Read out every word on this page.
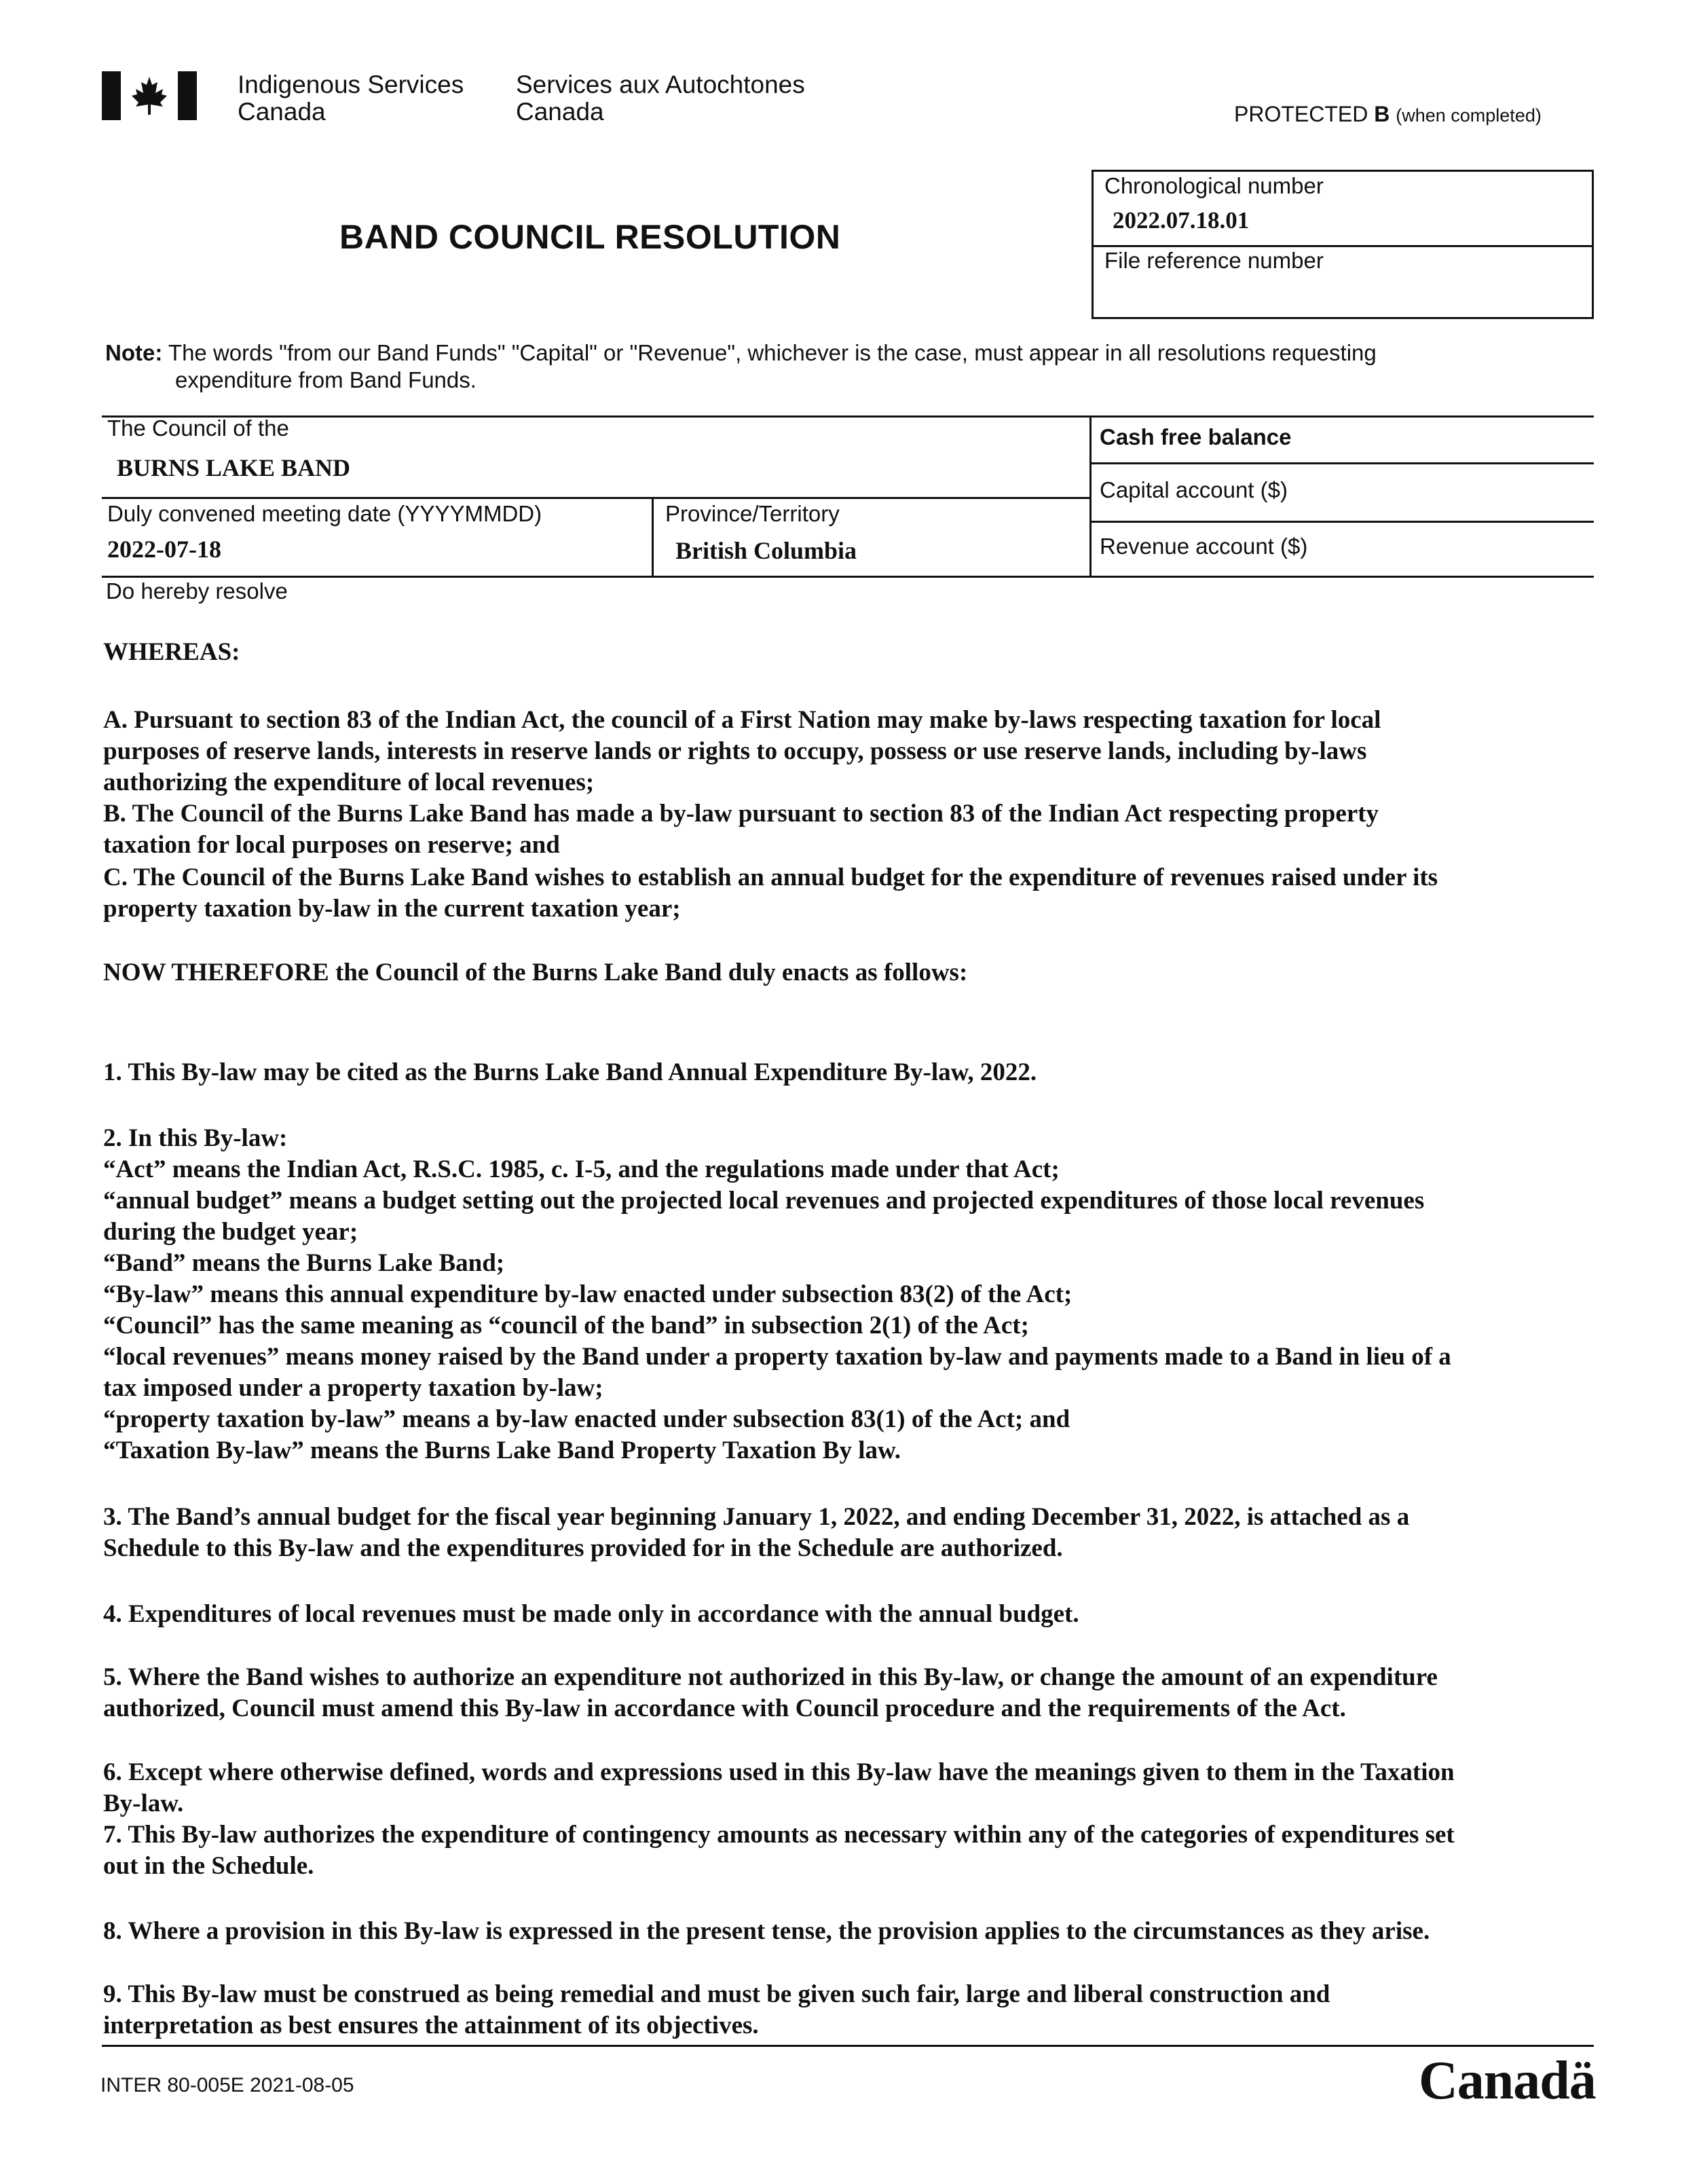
Indigenous Services
Canada
Services aux Autochtones
Canada	PROTECTED B (when completed)
BAND COUNCIL RESOLUTION
Chronological number
2022.07.18.01
File reference number
Note: The words "from our Band Funds" "Capital" or "Revenue", whichever is the case, must appear in all resolutions requesting
expenditure from Band Funds.
The Council of the
BURNS LAKE BAND
Duly convened meeting date (YYYYMMDD)
2022-07-18
Province/Territory
British Columbia
Cash free balance
Capital account ($)
Revenue account ($)
Do hereby resolve
WHEREAS:
A. Pursuant to section 83 of the Indian Act, the council of a First Nation may make by-laws respecting taxation for local
purposes of reserve lands, interests in reserve lands or rights to occupy, possess or use reserve lands, including by-laws
authorizing the expenditure of local revenues;
B. The Council of the Burns Lake Band has made a by-law pursuant to section 83 of the Indian Act respecting property
taxation for local purposes on reserve; and
C. The Council of the Burns Lake Band wishes to establish an annual budget for the expenditure of revenues raised under its
property taxation by-law in the current taxation year;
NOW THEREFORE the Council of the Burns Lake Band duly enacts as follows:
1. This By-law may be cited as the Burns Lake Band Annual Expenditure By-law, 2022.
2. In this By-law:
“Act” means the Indian Act, R.S.C. 1985, c. I-5, and the regulations made under that Act;
“annual budget” means a budget setting out the projected local revenues and projected expenditures of those local revenues
during the budget year;
“Band” means the Burns Lake Band;
“By-law” means this annual expenditure by-law enacted under subsection 83(2) of the Act;
“Council” has the same meaning as “council of the band” in subsection 2(1) of the Act;
“local revenues” means money raised by the Band under a property taxation by-law and payments made to a Band in lieu of a
tax imposed under a property taxation by-law;
“property taxation by-law” means a by-law enacted under subsection 83(1) of the Act; and
“Taxation By-law” means the Burns Lake Band Property Taxation By law.
3. The Band’s annual budget for the fiscal year beginning January 1, 2022, and ending December 31, 2022, is attached as a
Schedule to this By-law and the expenditures provided for in the Schedule are authorized.
4. Expenditures of local revenues must be made only in accordance with the annual budget.
5. Where the Band wishes to authorize an expenditure not authorized in this By-law, or change the amount of an expenditure
authorized, Council must amend this By-law in accordance with Council procedure and the requirements of the Act.
6. Except where otherwise defined, words and expressions used in this By-law have the meanings given to them in the Taxation
By-law.
7. This By-law authorizes the expenditure of contingency amounts as necessary within any of the categories of expenditures set
out in the Schedule.
8. Where a provision in this By-law is expressed in the present tense, the provision applies to the circumstances as they arise.
9. This By-law must be construed as being remedial and must be given such fair, large and liberal construction and
interpretation as best ensures the attainment of its objectives.
INTER 80-005E 2021-08-05	Canadä
